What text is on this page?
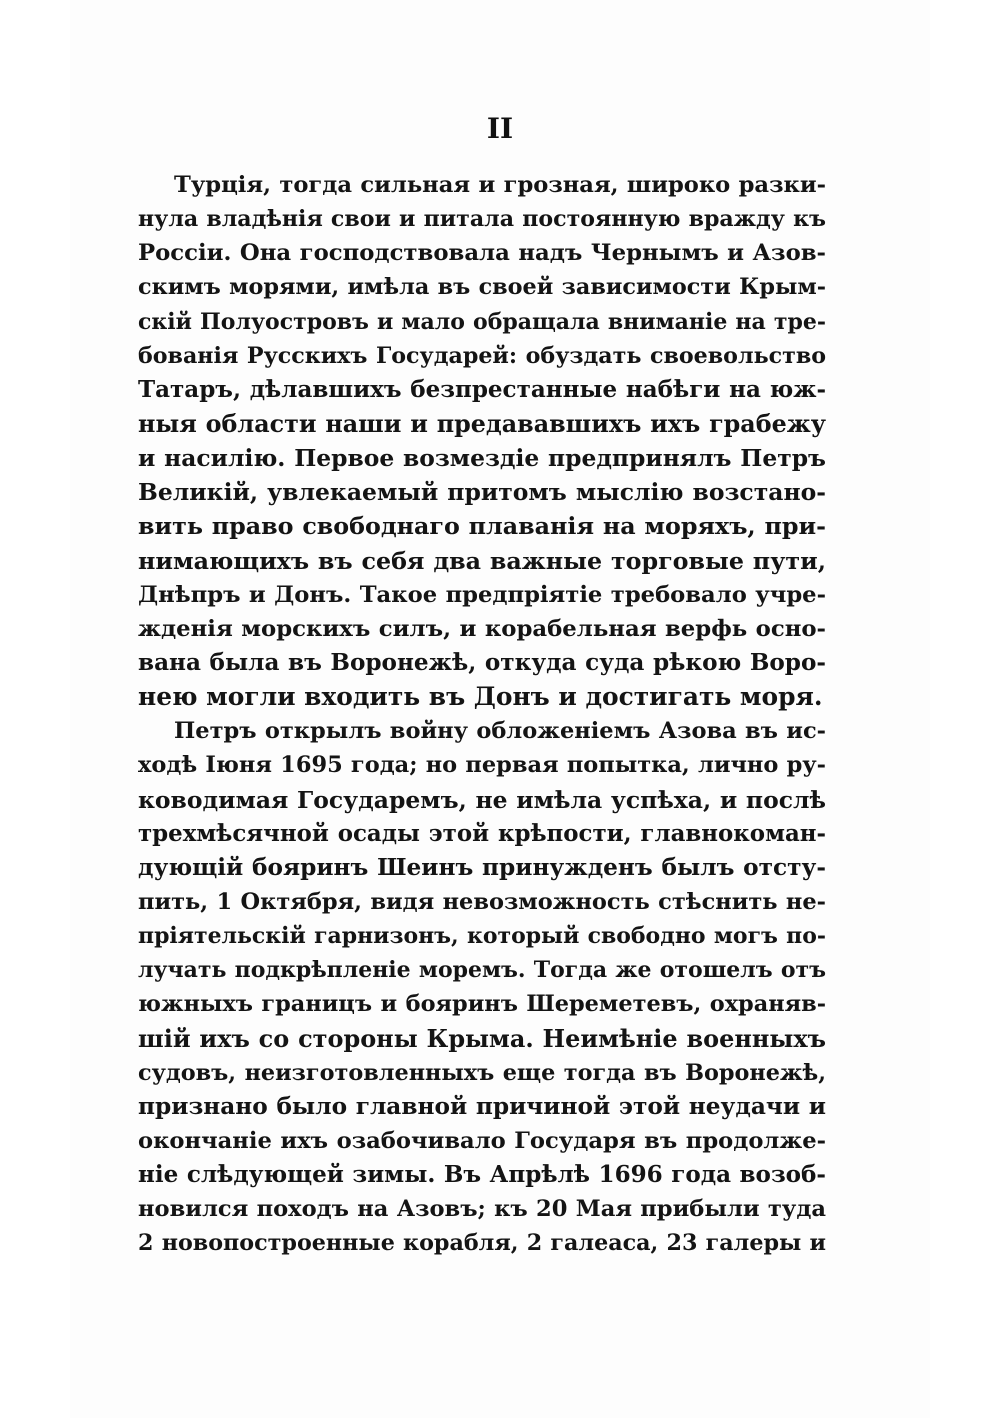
II
Турція, тогда сильная и грозная, широко разки-
нула владѣнія свои и питала постоянную вражду къ
Россіи. Она господствовала надъ Чернымъ и Азов-
скимъ морями, имѣла въ своей зависимости Крым-
скій Полуостровъ и мало обращала вниманіе на тре-
бованія Русскихъ Государей: обуздать своевольство
Татаръ, дѣлавшихъ безпрестанные набѣги на юж-
ныя области наши и предававшихъ ихъ грабежу
и насилію. Первое возмездіе предпринялъ Петръ
Великій, увлекаемый притомъ мыслію возстано-
вить право свободнаго плаванія на моряхъ, при-
нимающихъ въ себя два важные торговые пути,
Днѣпръ и Донъ. Такое предпріятіе требовало учре-
жденія морскихъ силъ, и корабельная верфь осно-
вана была въ Воронежѣ, откуда суда рѣкою Воро-
нею могли входить въ Донъ и достигать моря.
Петръ открылъ войну обложеніемъ Азова въ ис-
ходѣ Іюня 1695 года; но первая попытка, лично ру-
ководимая Государемъ, не имѣла успѣха, и послѣ
трехмѣсячной осады этой крѣпости, главнокоман-
дующій бояринъ Шеинъ принужденъ былъ отсту-
пить, 1 Октября, видя невозможность стѣснить не-
пріятельскій гарнизонъ, который свободно могъ по-
лучать подкрѣпленіе моремъ. Тогда же отошелъ отъ
южныхъ границъ и бояринъ Шереметевъ, охраняв-
шій ихъ со стороны Крыма. Неимѣніе военныхъ
судовъ, неизготовленныхъ еще тогда въ Воронежѣ,
признано было главной причиной этой неудачи и
окончаніе ихъ озабочивало Государя въ продолже-
ніе слѣдующей зимы. Въ Апрѣлѣ 1696 года возоб-
новился походъ на Азовъ; къ 20 Мая прибыли туда
2 новопостроенные корабля, 2 галеаса, 23 галеры и
